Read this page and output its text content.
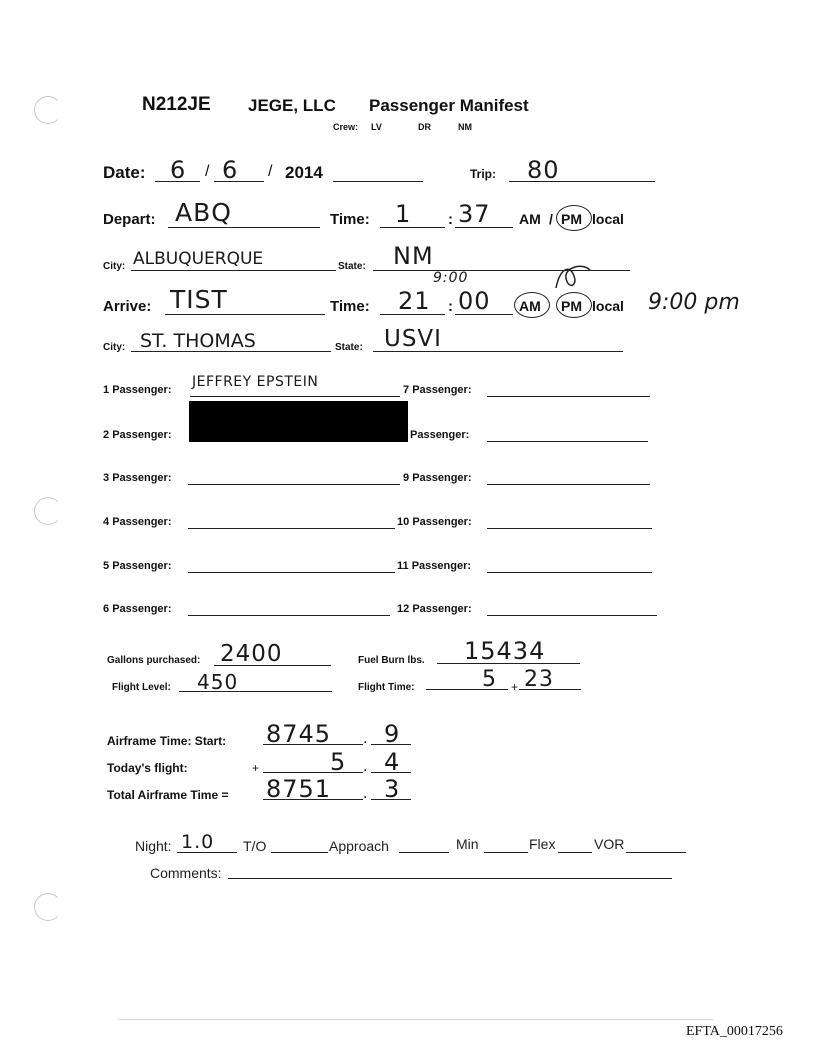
N212JE JEGE, LLC Passenger Manifest
Crew: LV	DR	NM
Date: 6 / 6 / 2014	Trip: 80
Depart: ABQ	Time: 1 : 37 AM / PM local
City: ALBUQUERQUE	State: NM
9:00
Arrive: TIST	Time: 21 : 00 AM PM local 9:00 pm
City: ST. THOMAS	State: USVI
1 Passenger: JEFFREY EPSTEIN
2 Passenger:
3 Passenger:
4 Passenger:
5 Passenger:
6 Passenger:
7 Passenger:
Passenger:
9 Passenger:
10 Passenger:
11 Passenger:
12 Passenger:
Gallons purchased: 2400	Fuel Burn lbs. 15434
Flight Level: 450	Flight Time:	5 + 23
Airframe Time: Start: 8745 . 9
Today's flight:	+	5 . 4
Total Airframe Time = 8751 . 3
Night: 1.0 T/O	Approach	Min	Flex	VOR
Comments:
EFTA_00017256
